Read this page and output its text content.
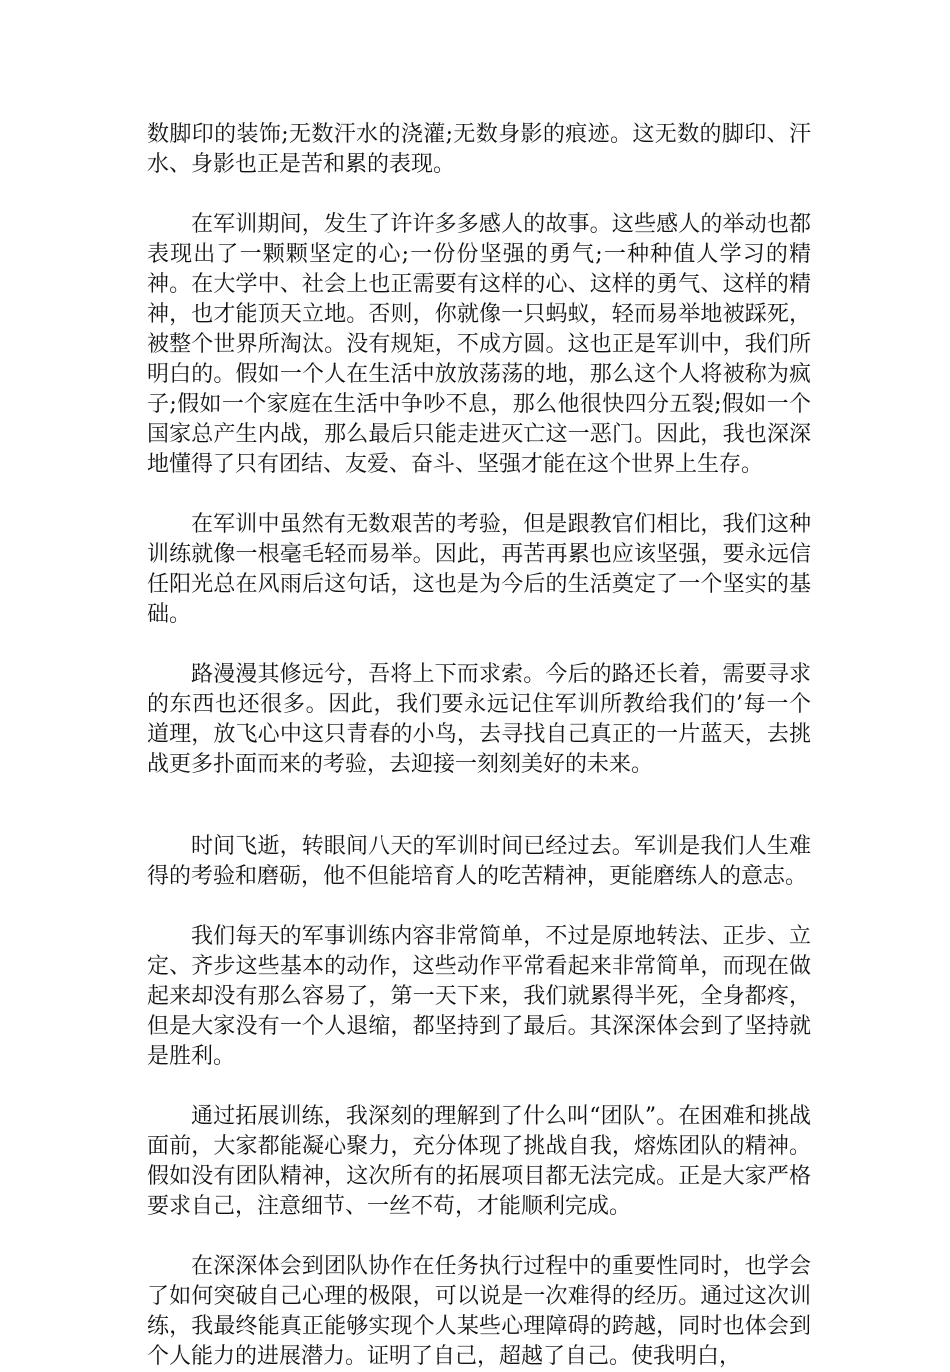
数脚印的装饰;无数汗水的浇灌;无数身影的痕迹。这无数的脚印、汗水、身影也正是苦和累的表现。

在军训期间，发生了许许多多感人的故事。这些感人的举动也都表现出了一颗颗坚定的心;一份份坚强的勇气;一种种值人学习的精神。在大学中、社会上也正需要有这样的心、这样的勇气、这样的精神，也才能顶天立地。否则，你就像一只蚂蚁，轻而易举地被踩死，被整个世界所淘汰。没有规矩，不成方圆。这也正是军训中，我们所明白的。假如一个人在生活中放放荡荡的地，那么这个人将被称为疯子;假如一个家庭在生活中争吵不息，那么他很快四分五裂;假如一个国家总产生内战，那么最后只能走进灭亡这一恶门。因此，我也深深地懂得了只有团结、友爱、奋斗、坚强才能在这个世界上生存。

在军训中虽然有无数艰苦的考验，但是跟教官们相比，我们这种训练就像一根毫毛轻而易举。因此，再苦再累也应该坚强，要永远信任阳光总在风雨后这句话，这也是为今后的生活奠定了一个坚实的基础。

路漫漫其修远兮，吾将上下而求索。今后的路还长着，需要寻求的东西也还很多。因此，我们要永远记住军训所教给我们的’每一个道理，放飞心中这只青春的小鸟，去寻找自己真正的一片蓝天，去挑战更多扑面而来的考验，去迎接一刻刻美好的未来。

时间飞逝，转眼间八天的军训时间已经过去。军训是我们人生难得的考验和磨砺，他不但能培育人的吃苦精神，更能磨练人的意志。

我们每天的军事训练内容非常简单，不过是原地转法、正步、立定、齐步这些基本的动作，这些动作平常看起来非常简单，而现在做起来却没有那么容易了，第一天下来，我们就累得半死，全身都疼，但是大家没有一个人退缩，都坚持到了最后。其深深体会到了坚持就是胜利。

通过拓展训练，我深刻的理解到了什么叫“团队”。在困难和挑战面前，大家都能凝心聚力，充分体现了挑战自我，熔炼团队的精神。假如没有团队精神，这次所有的拓展项目都无法完成。正是大家严格要求自己，注意细节、一丝不苟，才能顺利完成。

在深深体会到团队协作在任务执行过程中的重要性同时，也学会了如何突破自己心理的极限，可以说是一次难得的经历。通过这次训练，我最终能真正能够实现个人某些心理障碍的跨越，同时也体会到个人能力的进展潜力。证明了自己，超越了自己。使我明白，
